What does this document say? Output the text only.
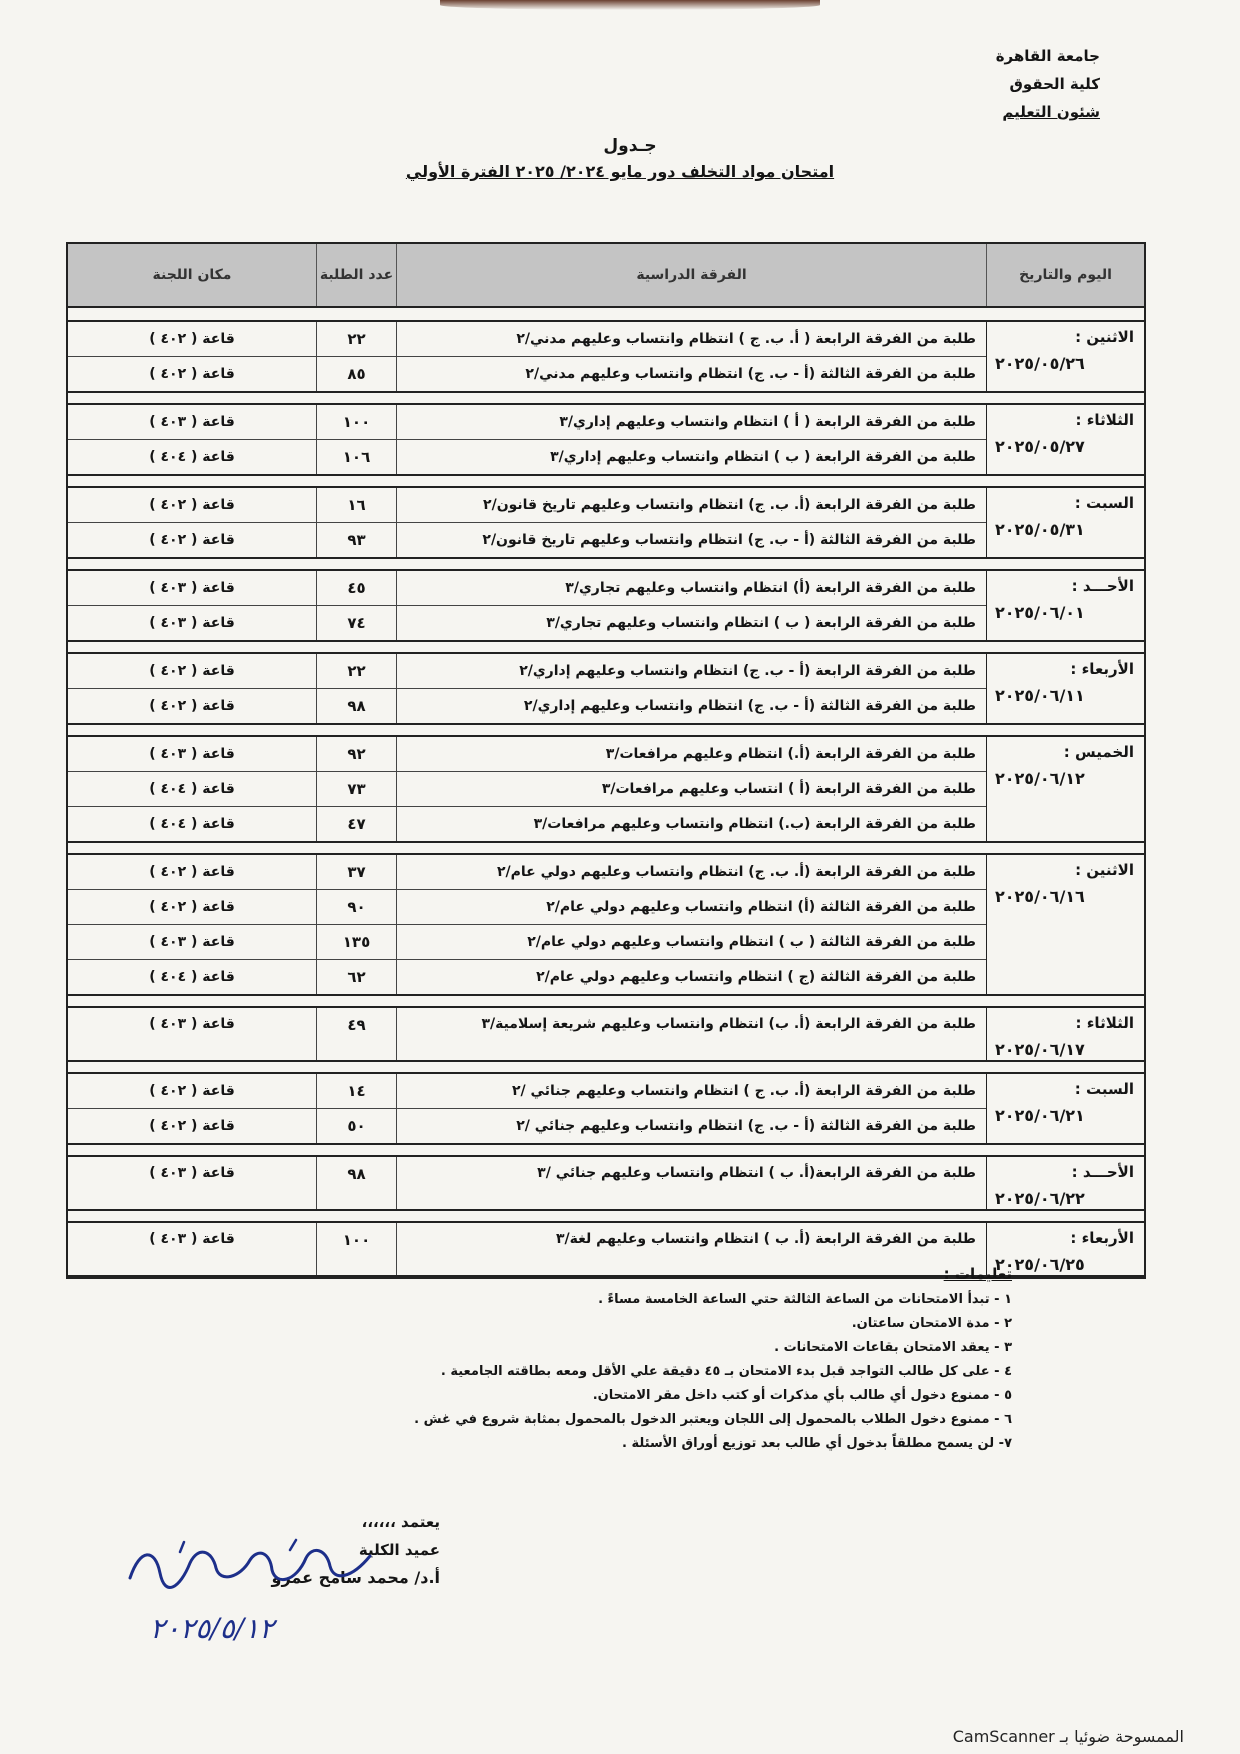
جامعة القاهرة
كلية الحقوق
شئون التعليم
جـدول
امتحان مواد التخلف دور مايو ٢٠٢٤/ ٢٠٢٥ الفترة الأولي
اليوم والتاريخ
الفرقة الدراسية
عدد الطلبة
مكان اللجنة
الاثنين :
٢٠٢٥/٠٥/٢٦
طلبة من الفرقة الرابعة ( أ. ب. ج ) انتظام وانتساب وعليهم مدني/٢
٢٢
قاعة ( ٤٠٢ )
طلبة من الفرقة الثالثة (أ - ب. ج) انتظام وانتساب وعليهم مدني/٢
٨٥
قاعة ( ٤٠٢ )
الثلاثاء :
٢٠٢٥/٠٥/٢٧
طلبة من الفرقة الرابعة ( أ ) انتظام وانتساب وعليهم إداري/٣
١٠٠
قاعة ( ٤٠٣ )
طلبة من الفرقة الرابعة ( ب ) انتظام وانتساب وعليهم إداري/٣
١٠٦
قاعة ( ٤٠٤ )
السبت :
٢٠٢٥/٠٥/٣١
طلبة من الفرقة الرابعة (أ. ب. ج) انتظام وانتساب وعليهم تاريخ قانون/٢
١٦
قاعة ( ٤٠٢ )
طلبة من الفرقة الثالثة (أ - ب. ج) انتظام وانتساب وعليهم تاريخ قانون/٢
٩٣
قاعة ( ٤٠٢ )
الأحـــد :
٢٠٢٥/٠٦/٠١
طلبة من الفرقة الرابعة (أ) انتظام وانتساب وعليهم تجاري/٣
٤٥
قاعة ( ٤٠٣ )
طلبة من الفرقة الرابعة ( ب ) انتظام وانتساب وعليهم تجاري/٣
٧٤
قاعة ( ٤٠٣ )
الأربعاء :
٢٠٢٥/٠٦/١١
طلبة من الفرقة الرابعة (أ - ب. ج) انتظام وانتساب وعليهم إداري/٢
٢٢
قاعة ( ٤٠٢ )
طلبة من الفرقة الثالثة (أ - ب. ج) انتظام وانتساب وعليهم إداري/٢
٩٨
قاعة ( ٤٠٢ )
الخميس :
٢٠٢٥/٠٦/١٢
طلبة من الفرقة الرابعة (أ.) انتظام وعليهم مرافعات/٣
٩٢
قاعة ( ٤٠٣ )
طلبة من الفرقة الرابعة (أ ) انتساب وعليهم مرافعات/٣
٧٣
قاعة ( ٤٠٤ )
طلبة من الفرقة الرابعة (ب.) انتظام وانتساب وعليهم مرافعات/٣
٤٧
قاعة ( ٤٠٤ )
الاثنين :
٢٠٢٥/٠٦/١٦
طلبة من الفرقة الرابعة (أ. ب. ج) انتظام وانتساب وعليهم دولي عام/٢
٣٧
قاعة ( ٤٠٢ )
طلبة من الفرقة الثالثة (أ) انتظام وانتساب وعليهم دولي عام/٢
٩٠
قاعة ( ٤٠٢ )
طلبة من الفرقة الثالثة ( ب ) انتظام وانتساب وعليهم دولي عام/٢
١٣٥
قاعة ( ٤٠٣ )
طلبة من الفرقة الثالثة (ج ) انتظام وانتساب وعليهم دولي عام/٢
٦٢
قاعة ( ٤٠٤ )
الثلاثاء :
٢٠٢٥/٠٦/١٧
طلبة من الفرقة الرابعة (أ. ب) انتظام وانتساب وعليهم شريعة إسلامية/٣
٤٩
قاعة ( ٤٠٣ )
السبت :
٢٠٢٥/٠٦/٢١
طلبة من الفرقة الرابعة (أ. ب. ج ) انتظام وانتساب وعليهم جنائي /٢
١٤
قاعة ( ٤٠٢ )
طلبة من الفرقة الثالثة (أ - ب. ج) انتظام وانتساب وعليهم جنائي /٢
٥٠
قاعة ( ٤٠٢ )
الأحـــد :
٢٠٢٥/٠٦/٢٢
طلبة من الفرقة الرابعة(أ. ب ) انتظام وانتساب وعليهم جنائي /٣
٩٨
قاعة ( ٤٠٣ )
الأربعاء :
٢٠٢٥/٠٦/٢٥
طلبة من الفرقة الرابعة (أ. ب ) انتظام وانتساب وعليهم لغة/٣
١٠٠
قاعة ( ٤٠٣ )
تعليمات :
١ - تبدأ الامتحانات من الساعة الثالثة حتي الساعة الخامسة مساءً .
٢ - مدة الامتحان ساعتان.
٣ - يعقد الامتحان بقاعات الامتحانات .
٤ - على كل طالب التواجد قبل بدء الامتحان بـ ٤٥ دقيقة علي الأقل ومعه بطاقته الجامعية .
٥ - ممنوع دخول أي طالب بأي مذكرات أو كتب داخل مقر الامتحان.
٦ - ممنوع دخول الطلاب بالمحمول إلى اللجان ويعتبر الدخول بالمحمول بمثابة شروع في غش .
٧- لن يسمح مطلقاً بدخول أي طالب بعد توزيع أوراق الأسئلة .
يعتمد ،،،،،،
عميد الكلية
أ.د/ محمد سامح عمرو
٢٠٢٥/٥/١٢
الممسوحة ضوئيا بـ CamScanner
